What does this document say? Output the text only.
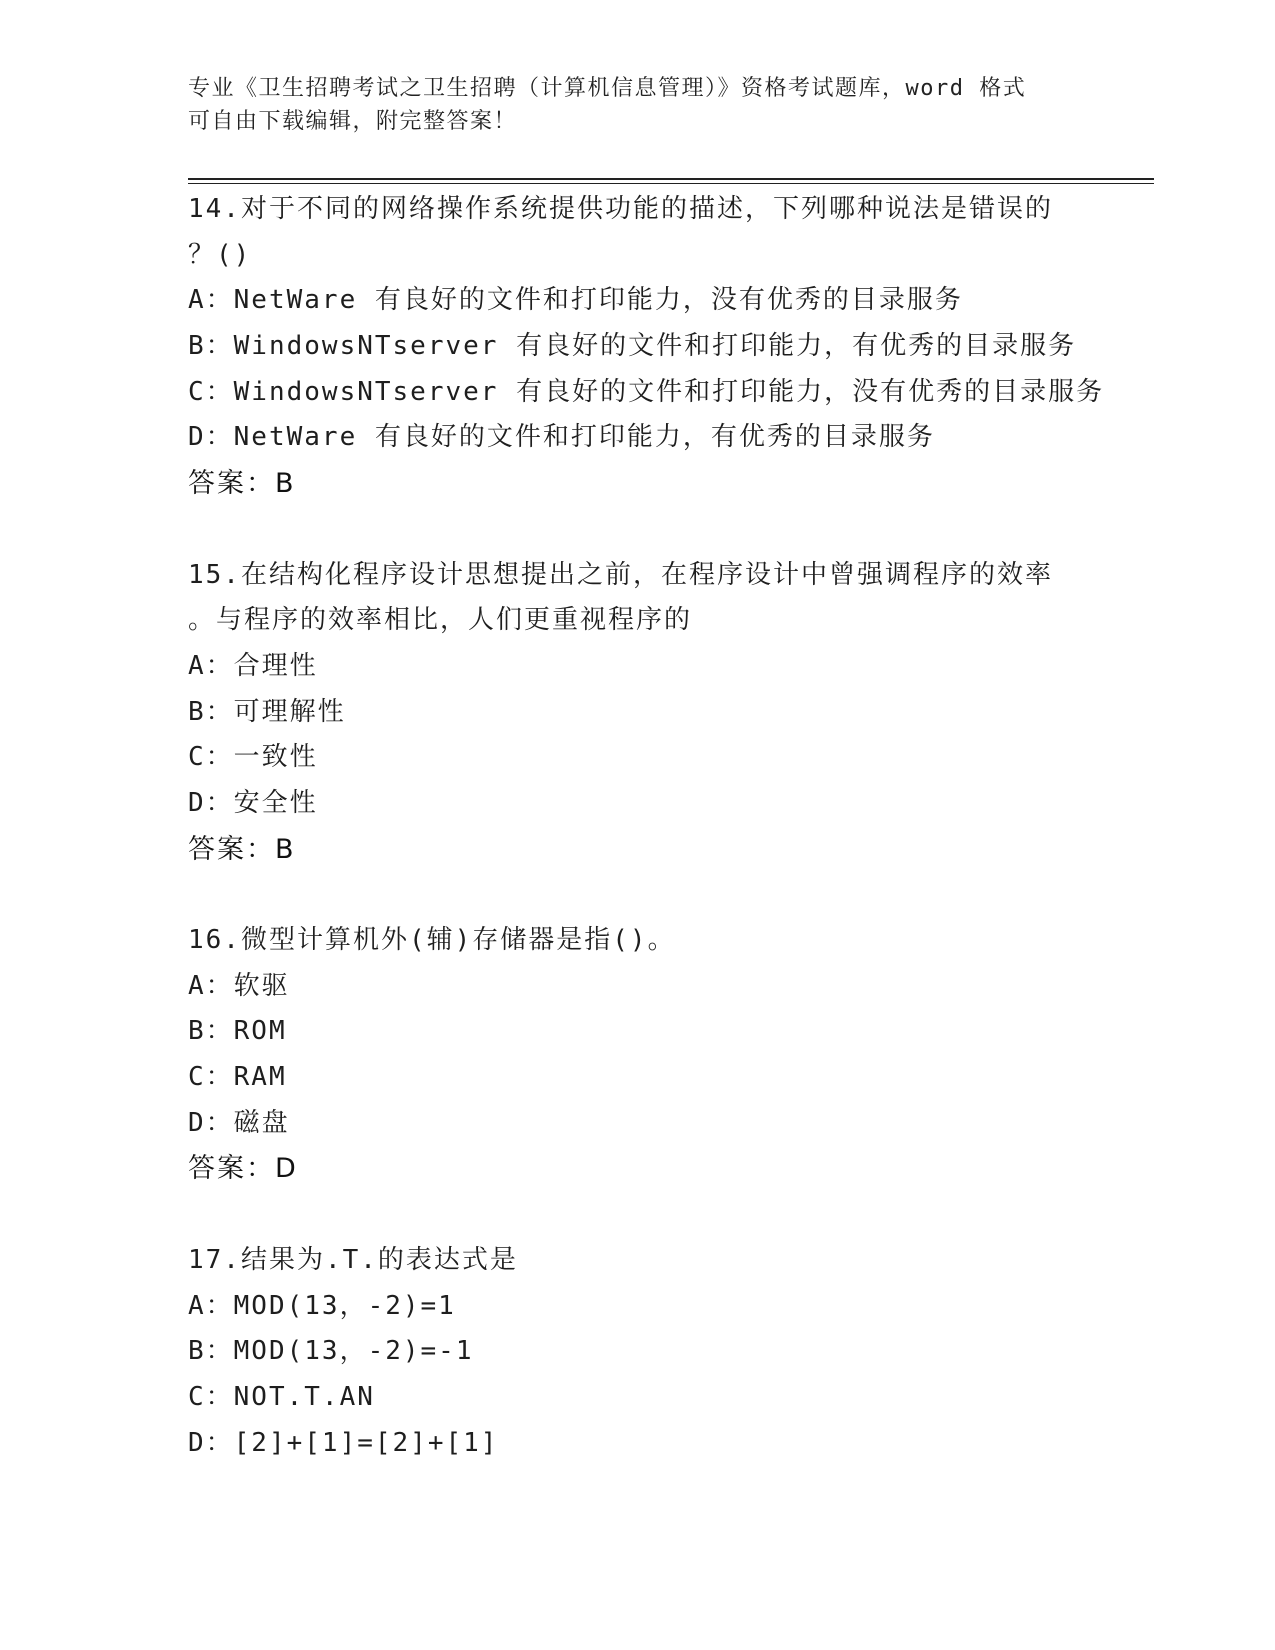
专业《卫生招聘考试之卫生招聘（计算机信息管理）》资格考试题库，word 格式
可自由下载编辑，附完整答案！
14.对于不同的网络操作系统提供功能的描述，下列哪种说法是错误的
？()
A：NetWare 有良好的文件和打印能力，没有优秀的目录服务
B：WindowsNTserver 有良好的文件和打印能力，有优秀的目录服务
C：WindowsNTserver 有良好的文件和打印能力，没有优秀的目录服务
D：NetWare 有良好的文件和打印能力，有优秀的目录服务
答案：B
15.在结构化程序设计思想提出之前，在程序设计中曾强调程序的效率
。与程序的效率相比，人们更重视程序的
A：合理性
B：可理解性
C：一致性
D：安全性
答案：B
16.微型计算机外(辅)存储器是指()。
A：软驱
B：ROM
C：RAM
D：磁盘
答案：D
17.结果为.T.的表达式是
A：MOD(13，-2)=1
B：MOD(13，-2)=-1
C：NOT.T.AN
D：[2]+[1]=[2]+[1]
